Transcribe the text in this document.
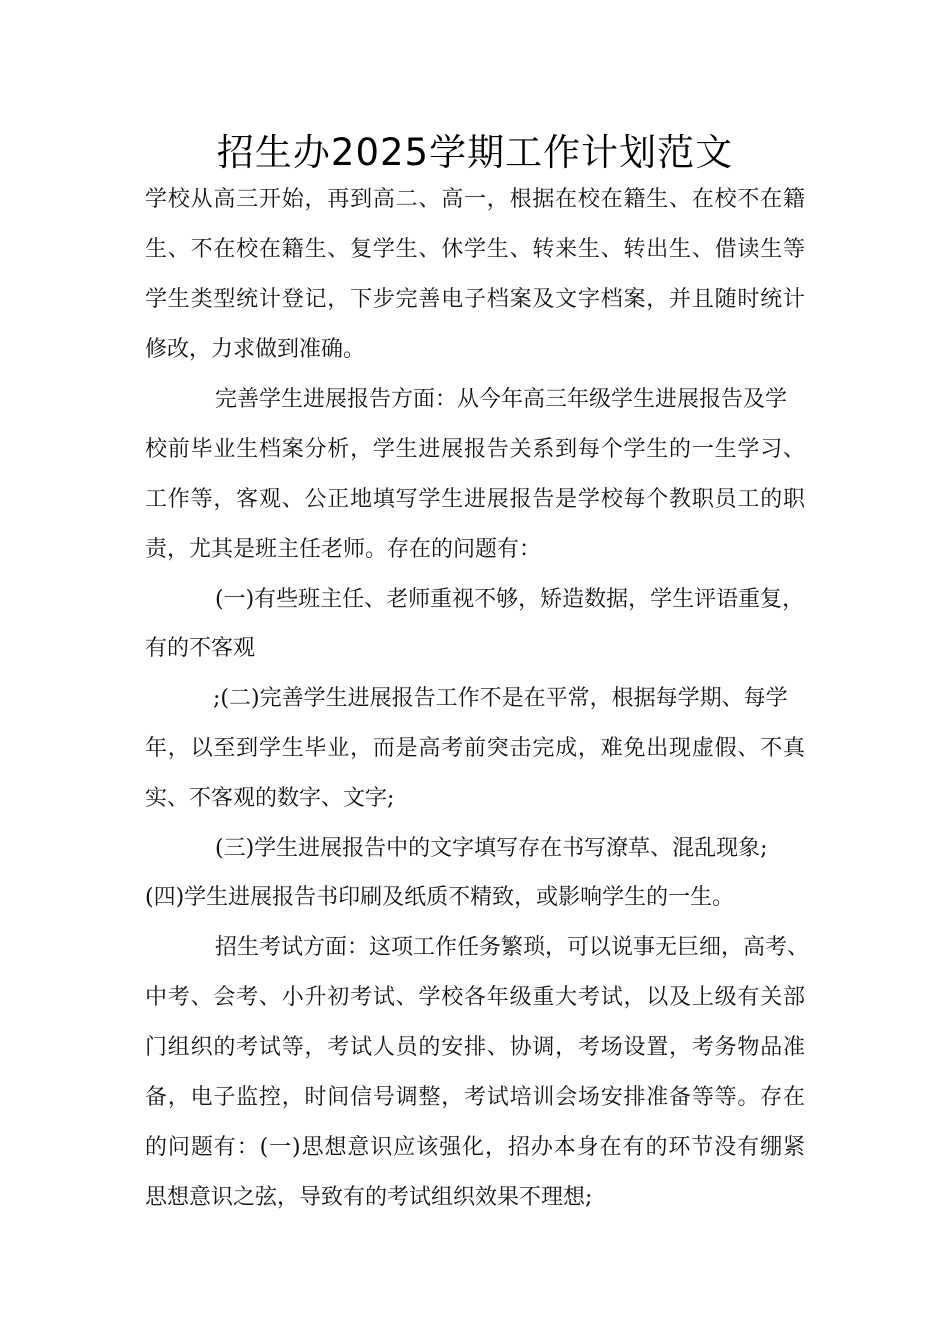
招生办2025学期工作计划范文
学校从高三开始，再到高二、高一，根据在校在籍生、在校不在籍
生、不在校在籍生、复学生、休学生、转来生、转出生、借读生等
学生类型统计登记，下步完善电子档案及文字档案，并且随时统计
修改，力求做到准确。
完善学生进展报告方面：从今年高三年级学生进展报告及学
校前毕业生档案分析，学生进展报告关系到每个学生的一生学习、
工作等，客观、公正地填写学生进展报告是学校每个教职员工的职
责，尤其是班主任老师。存在的问题有：
(一)有些班主任、老师重视不够，矫造数据，学生评语重复，
有的不客观
;(二)完善学生进展报告工作不是在平常，根据每学期、每学
年，以至到学生毕业，而是高考前突击完成，难免出现虚假、不真
实、不客观的数字、文字;
(三)学生进展报告中的文字填写存在书写潦草、混乱现象;
(四)学生进展报告书印刷及纸质不精致，或影响学生的一生。
招生考试方面：这项工作任务繁琐，可以说事无巨细，高考、
中考、会考、小升初考试、学校各年级重大考试，以及上级有关部
门组织的考试等，考试人员的安排、协调，考场设置，考务物品准
备，电子监控，时间信号调整，考试培训会场安排准备等等。存在
的问题有：(一)思想意识应该强化，招办本身在有的环节没有绷紧
思想意识之弦，导致有的考试组织效果不理想;
